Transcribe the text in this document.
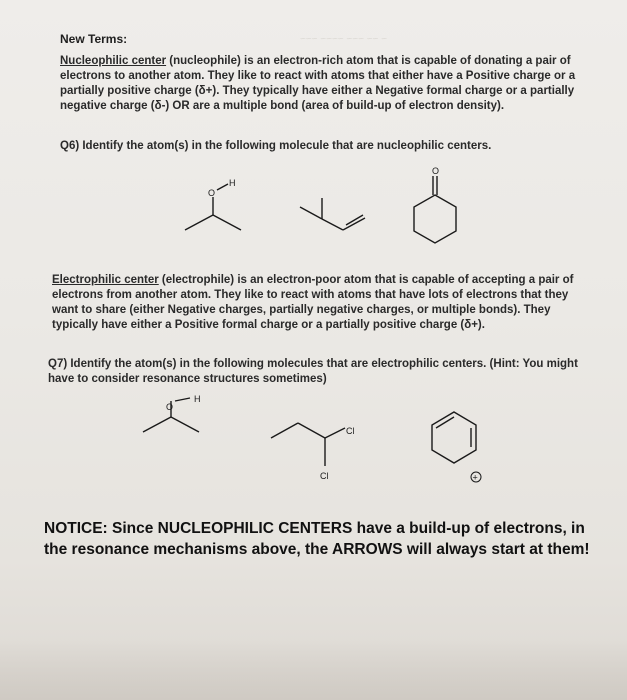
~ ~~ ~~~ ~~~~ ~~~
New Terms:
Nucleophilic center (nucleophile) is an electron-rich atom that is capable of donating a pair of electrons to another atom. They like to react with atoms that either have a Positive charge or a partially positive charge (δ+). They typically have either a Negative formal charge or a partially negative charge (δ-) OR are a multiple bond (area of build-up of electron density).
Q6) Identify the atom(s) in the following molecule that are nucleophilic centers.
O
H
O
O
H
Cl
Cl	+
Electrophilic center (electrophile) is an electron-poor atom that is capable of accepting a pair of electrons from another atom. They like to react with atoms that have lots of electrons that they want to share (either Negative charges, partially negative charges, or multiple bonds). They typically have either a Positive formal charge or a partially positive charge (δ+).
Q7) Identify the atom(s) in the following molecules that are electrophilic centers. (Hint: You might have to consider resonance structures sometimes)
NOTICE: Since NUCLEOPHILIC CENTERS have a build-up of electrons, in the resonance mechanisms above, the ARROWS will always start at them!
